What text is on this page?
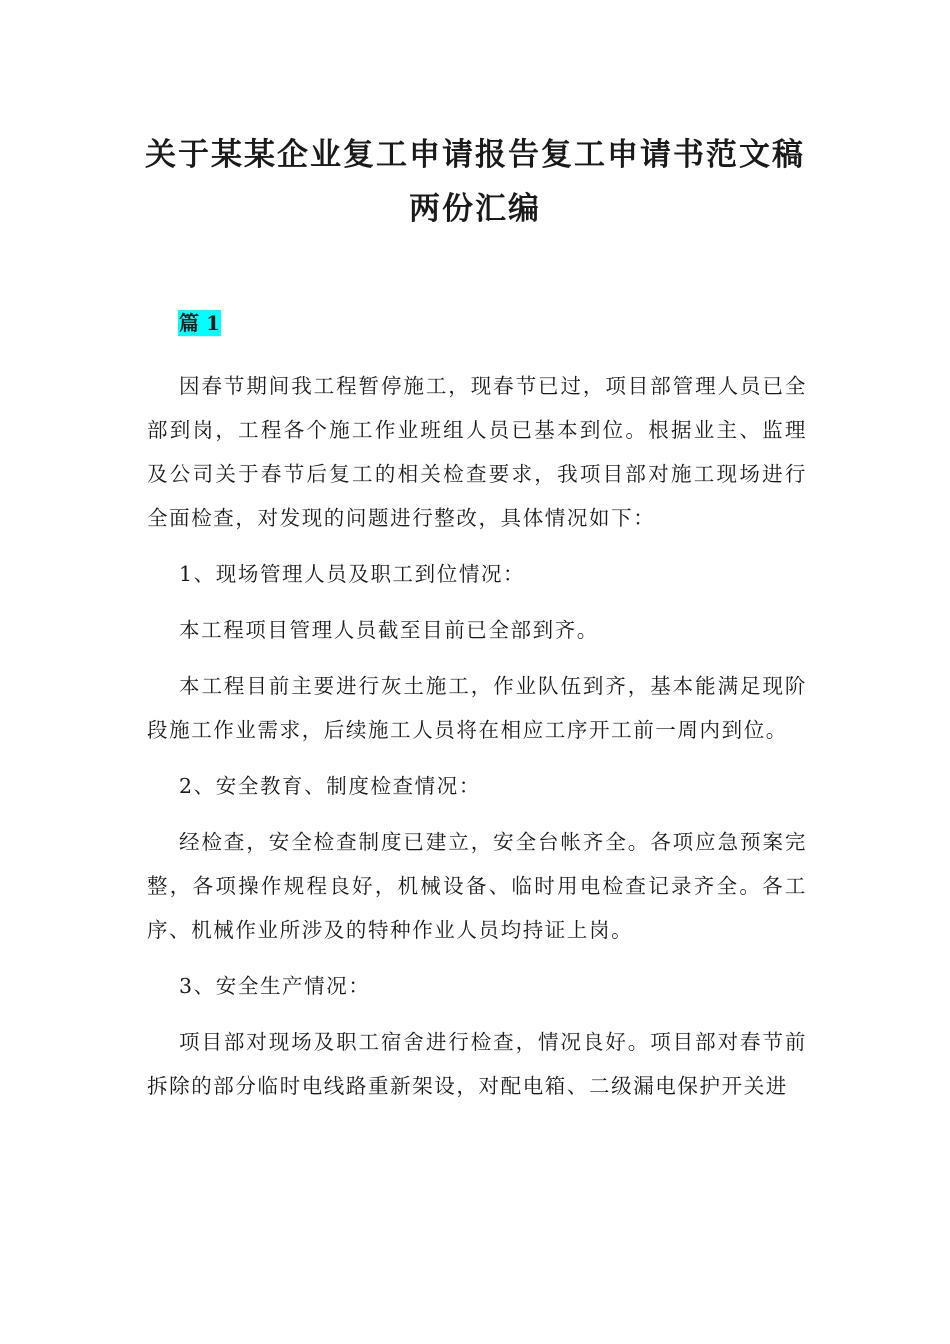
关于某某企业复工申请报告复工申请书范文稿
两份汇编
篇 1

因春节期间我工程暂停施工，现春节已过，项目部管理人员已全部到岗，工程各个施工作业班组人员已基本到位。根据业主、监理及公司关于春节后复工的相关检查要求，我项目部对施工现场进行全面检查，对发现的问题进行整改，具体情况如下：

1、现场管理人员及职工到位情况：

本工程项目管理人员截至目前已全部到齐。

本工程目前主要进行灰土施工，作业队伍到齐，基本能满足现阶段施工作业需求，后续施工人员将在相应工序开工前一周内到位。

2、安全教育、制度检查情况：

经检查，安全检查制度已建立，安全台帐齐全。各项应急预案完整，各项操作规程良好，机械设备、临时用电检查记录齐全。各工序、机械作业所涉及的特种作业人员均持证上岗。

3、安全生产情况：

项目部对现场及职工宿舍进行检查，情况良好。项目部对春节前拆除的部分临时电线路重新架设，对配电箱、二级漏电保护开关进
